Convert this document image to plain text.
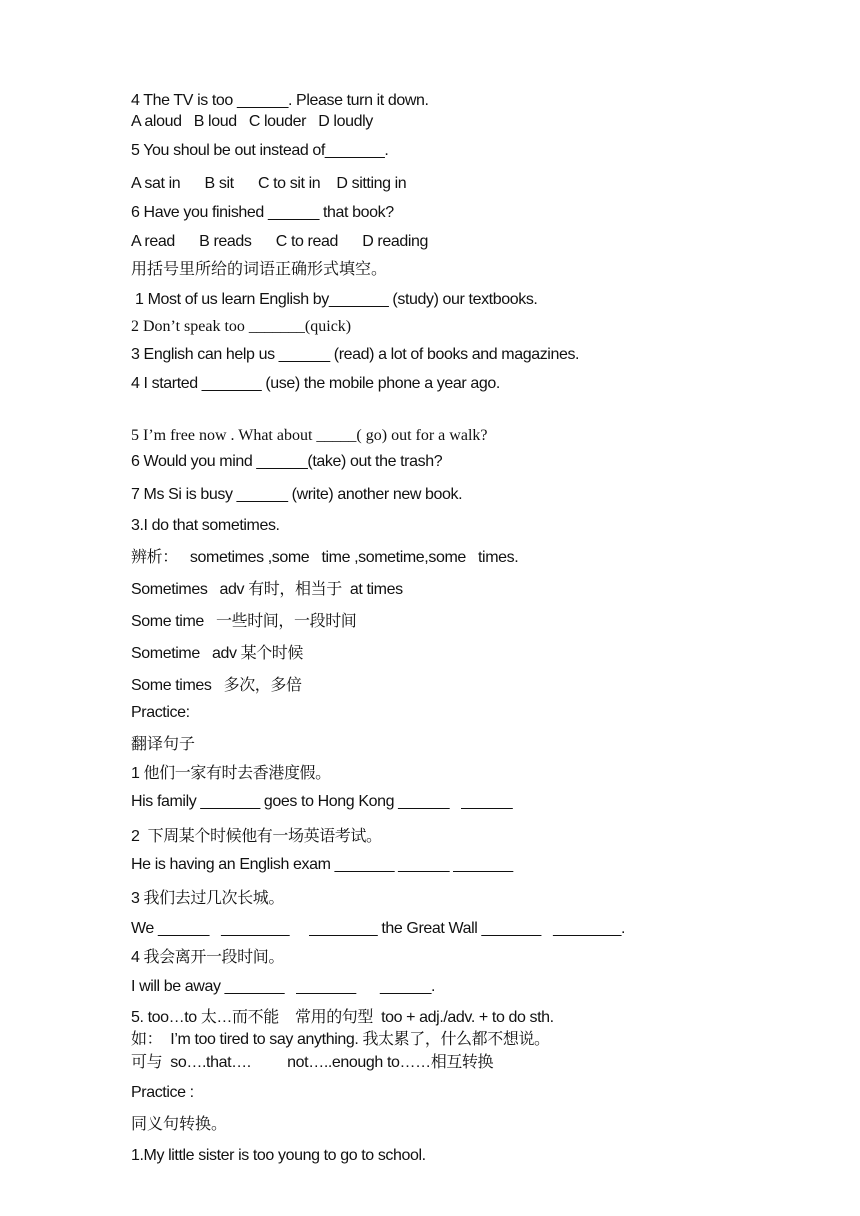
4 The TV is too ______. Please turn it down.
A aloud   B loud   C louder   D loudly
5 You shoul be out instead of_______.
A sat in      B sit      C to sit in    D sitting in
6 Have you finished ______ that book?
A read      B reads      C to read      D reading
用括号里所给的词语正确形式填空。
1 Most of us learn English by_______ (study) our textbooks.
2 Don’t speak too _______(quick)
3 English can help us ______ (read) a lot of books and magazines.
4 I started _______ (use) the mobile phone a year ago.
5 I’m free now . What about _____( go) out for a walk?
6 Would you mind ______(take) out the trash?
7 Ms Si is busy ______ (write) another new book.
3.I do that sometimes.
辨析：   sometimes ,some   time ,sometime,some   times.
Sometimes   adv 有时，相当于  at times
Some time   一些时间，一段时间
Sometime   adv 某个时候
Some times   多次，多倍
Practice:
翻译句子
1 他们一家有时去香港度假。
His family _______ goes to Hong Kong ______   ______
2  下周某个时候他有一场英语考试。
He is having an English exam _______ ______ _______
3 我们去过几次长城。
We ______   ________     ________ the Great Wall _______   ________.
4 我会离开一段时间。
I will be away _______   _______      ______.
5. too…to 太…而不能    常用的句型  too + adj./adv. + to do sth.
如：  I’m too tired to say anything. 我太累了，什么都不想说。
可与  so….that….         not…..enough to……相互转换
Practice :
同义句转换。
1.My little sister is too young to go to school.
